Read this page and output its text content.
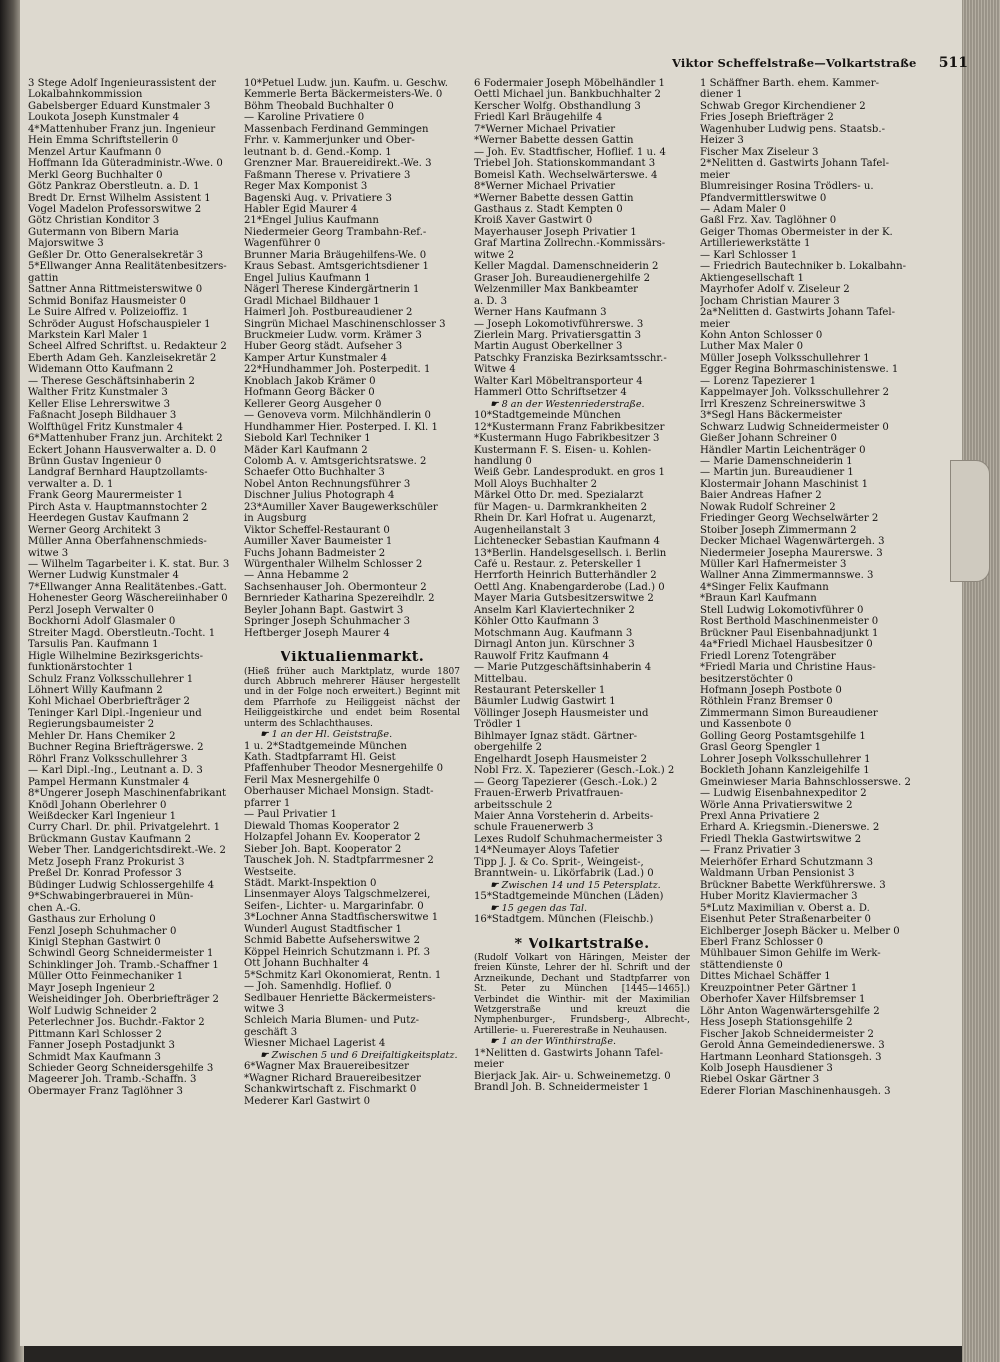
Viktor Scheffelstraße—Volkartstraße 511
3 Stege Adolf Ingenieurassistent der
Lokalbahnkommission
Gabelsberger Eduard Kunstmaler 3
Loukota Joseph Kunstmaler 4
4*Mattenhuber Franz jun. Ingenieur
Hein Emma Schriftstellerin 0
Menzel Artur Kaufmann 0
Hoffmann Ida Güteradministr.-Wwe. 0
Merkl Georg Buchhalter 0
Götz Pankraz Oberstleutn. a. D. 1
Bredt Dr. Ernst Wilhelm Assistent 1
Vogel Madelon Professorswitwe 2
Götz Christian Konditor 3
Gutermann von Bibern Maria
Majorswitwe 3
Geßler Dr. Otto Generalsekretär 3
5*Ellwanger Anna Realitätenbesitzers-
gattin
Sattner Anna Rittmeisterswitwe 0
Schmid Bonifaz Hausmeister 0
Le Suire Alfred v. Polizeioffiz. 1
Schröder August Hofschauspieler 1
Markstein Karl Maler 1
Scheel Alfred Schriftst. u. Redakteur 2
Eberth Adam Geh. Kanzleisekretär 2
Widemann Otto Kaufmann 2
— Therese Geschäftsinhaberin 2
Walther Fritz Kunstmaler 3
Keller Elise Lehrerswitwe 3
Faßnacht Joseph Bildhauer 3
Wolfthügel Fritz Kunstmaler 4
6*Mattenhuber Franz jun. Architekt 2
Eckert Johann Hausverwalter a. D. 0
Brünn Gustav Ingenieur 0
Landgraf Bernhard Hauptzollamts-
verwalter a. D. 1
Frank Georg Maurermeister 1
Pirch Asta v. Hauptmannstochter 2
Heerdegen Gustav Kaufmann 2
Werner Georg Architekt 3
Müller Anna Oberfahnenschmieds-
witwe 3
— Wilhelm Tagarbeiter i. K. stat. Bur. 3
Werner Ludwig Kunstmaler 4
7*Ellwanger Anna Realitätenbes.-Gatt.
Hohenester Georg Wäschereiinhaber 0
Perzl Joseph Verwalter 0
Bockhorni Adolf Glasmaler 0
Streiter Magd. Oberstleutn.-Tocht. 1
Tarsulis Pan. Kaufmann 1
Higle Wilhelmine Bezirksgerichts-
funktionärstochter 1
Schulz Franz Volksschullehrer 1
Löhnert Willy Kaufmann 2
Kohl Michael Oberbriefträger 2
Teninger Karl Dipl.-Ingenieur und
Regierungsbaumeister 2
Mehler Dr. Hans Chemiker 2
Buchner Regina Briefträgerswe. 2
Röhrl Franz Volksschullehrer 3
— Karl Dipl.-Ing., Leutnant a. D. 3
Pampel Hermann Kunstmaler 4
8*Ungerer Joseph Maschinenfabrikant
Knödl Johann Oberlehrer 0
Weißdecker Karl Ingenieur 1
Curry Charl. Dr. phil. Privatgelehrt. 1
Brückmann Gustav Kaufmann 2
Weber Ther. Landgerichtsdirekt.-We. 2
Metz Joseph Franz Prokurist 3
Preßel Dr. Konrad Professor 3
Büdinger Ludwig Schlossergehilfe 4
9*Schwabingerbrauerei in Mün-
chen A.-G.
Gasthaus zur Erholung 0
Fenzl Joseph Schuhmacher 0
Kinigl Stephan Gastwirt 0
Schwindl Georg Schneidermeister 1
Schinklinger Joh. Tramb.-Schaffner 1
Müller Otto Feinmechaniker 1
Mayr Joseph Ingenieur 2
Weisheidinger Joh. Oberbriefträger 2
Wolf Ludwig Schneider 2
Peterlechner Jos. Buchdr.-Faktor 2
Pittmann Karl Schlosser 2
Fanner Joseph Postadjunkt 3
Schmidt Max Kaufmann 3
Schieder Georg Schneidersgehilfe 3
Mageerer Joh. Tramb.-Schaffn. 3
Obermayer Franz Taglöhner 3
10*Petuel Ludw. jun. Kaufm. u. Geschw.
Kemmerle Berta Bäckermeisters-We. 0
Böhm Theobald Buchhalter 0
— Karoline Privatiere 0
Massenbach Ferdinand Gemmingen
Frhr. v. Kammerjunker und Ober-
leutnant b. d. Gend.-Komp. 1
Grenzner Mar. Brauereidirekt.-We. 3
Faßmann Therese v. Privatiere 3
Reger Max Komponist 3
Bagenski Aug. v. Privatiere 3
Habler Egid Maurer 4
21*Engel Julius Kaufmann
Niedermeier Georg Trambahn-Ref.-
Wagenführer 0
Brunner Maria Bräugehilfens-We. 0
Kraus Sebast. Amtsgerichtsdiener 1
Engel Julius Kaufmann 1
Nägerl Therese Kindergärtnerin 1
Gradl Michael Bildhauer 1
Haimerl Joh. Postbureaudiener 2
Singrün Michael Maschinenschlosser 3
Bruckmeier Ludw. vorm. Krämer 3
Huber Georg städt. Aufseher 3
Kamper Artur Kunstmaler 4
22*Hundhammer Joh. Posterpedit. 1
Knoblach Jakob Krämer 0
Hofmann Georg Bäcker 0
Kellerer Georg Ausgeher 0
— Genoveva vorm. Milchhändlerin 0
Hundhammer Hier. Posterped. I. Kl. 1
Siebold Karl Techniker 1
Mäder Karl Kaufmann 2
Colomb A. v. Amtsgerichtsratswe. 2
Schaefer Otto Buchhalter 3
Nobel Anton Rechnungsführer 3
Dischner Julius Photograph 4
23*Aumiller Xaver Baugewerkschüler
in Augsburg
Viktor Scheffel-Restaurant 0
Aumiller Xaver Baumeister 1
Fuchs Johann Badmeister 2
Würgenthaler Wilhelm Schlosser 2
— Anna Hebamme 2
Sachsenhauser Joh. Obermonteur 2
Bernrieder Katharina Spezereihdlr. 2
Beyler Johann Bapt. Gastwirt 3
Springer Joseph Schuhmacher 3
Heftberger Joseph Maurer 4
Viktualienmarkt.
(Hieß früher auch Marktplatz, wurde 1807 durch Abbruch mehrerer Häuser hergestellt und in der Folge noch erweitert.) Beginnt mit dem Pfarrhofe zu Heiliggeist nächst der Heiliggeistkirche und endet beim Rosental unterm des Schlachthauses.
☛ 1 an der Hl. Geiststraße.
1 u. 2*Stadtgemeinde München
Kath. Stadtpfarramt Hl. Geist
Pfaffenhuber Theodor Mesnergehilfe 0
Feril Max Mesnergehilfe 0
Oberhauser Michael Monsign. Stadt-
pfarrer 1
— Paul Privatier 1
Diewald Thomas Kooperator 2
Holzapfel Johann Ev. Kooperator 2
Sieber Joh. Bapt. Kooperator 2
Tauschek Joh. N. Stadtpfarrmesner 2
Westseite.
Städt. Markt-Inspektion 0
Linsenmayer Aloys Talgschmelzerei,
Seifen-, Lichter- u. Margarinfabr. 0
3*Lochner Anna Stadtfischerswitwe 1
Wunderl August Stadtfischer 1
Schmid Babette Aufseherswitwe 2
Köppel Heinrich Schutzmann i. Pf. 3
Ott Johann Buchhalter 4
5*Schmitz Karl Ökonomierat, Rentn. 1
— Joh. Samenhdlg. Hoflief. 0
Sedlbauer Henriette Bäckermeisters-
witwe 3
Schleich Maria Blumen- und Putz-
geschäft 3
Wiesner Michael Lagerist 4
☛ Zwischen 5 und 6 Dreifaltigkeitsplatz.
6*Wagner Max Brauereibesitzer
*Wagner Richard Brauereibesitzer
Schankwirtschaft z. Fischmarkt 0
Mederer Karl Gastwirt 0
6 Fodermaier Joseph Möbelhändler 1
Oettl Michael jun. Bankbuchhalter 2
Kerscher Wolfg. Obsthandlung 3
Friedl Karl Bräugehilfe 4
7*Werner Michael Privatier
*Werner Babette dessen Gattin
— Joh. Ev. Stadtfischer, Hoflief. 1 u. 4
Triebel Joh. Stationskommandant 3
Bomeisl Kath. Wechselwärterswe. 4
8*Werner Michael Privatier
*Werner Babette dessen Gattin
Gasthaus z. Stadt Kempten 0
Kroiß Xaver Gastwirt 0
Mayerhauser Joseph Privatier 1
Graf Martina Zollrechn.-Kommissärs-
witwe 2
Keller Magdal. Damenschneiderin 2
Graser Joh. Bureaudienergehilfe 2
Welzenmiller Max Bankbeamter
a. D. 3
Werner Hans Kaufmann 3
— Joseph Lokomotivführerswe. 3
Zierlein Marg. Privatiersgattin 3
Martin August Oberkellner 3
Patschky Franziska Bezirksamtsschr.-
Witwe 4
Walter Karl Möbeltransporteur 4
Hammerl Otto Schriftsetzer 4
☛ 8 an der Westenriederstraße.
10*Stadtgemeinde München
12*Kustermann Franz Fabrikbesitzer
*Kustermann Hugo Fabrikbesitzer 3
Kustermann F. S. Eisen- u. Kohlen-
handlung 0
Weiß Gebr. Landesprodukt. en gros 1
Moll Aloys Buchhalter 2
Märkel Otto Dr. med. Spezialarzt
für Magen- u. Darmkrankheiten 2
Rhein Dr. Karl Hofrat u. Augenarzt,
Augenheilanstalt 3
Lichtenecker Sebastian Kaufmann 4
13*Berlin. Handelsgesellsch. i. Berlin
Café u. Restaur. z. Peterskeller 1
Herrforth Heinrich Butterhändler 2
Oettl Ang. Knabengarderobe (Lad.) 0
Mayer Maria Gutsbesitzerswitwe 2
Anselm Karl Klaviertechniker 2
Köhler Otto Kaufmann 3
Motschmann Aug. Kaufmann 3
Dirnagl Anton jun. Kürschner 3
Rauwolf Fritz Kaufmann 4
— Marie Putzgeschäftsinhaberin 4
Mittelbau.
Restaurant Peterskeller 1
Bäumler Ludwig Gastwirt 1
Völlinger Joseph Hausmeister und
Trödler 1
Bihlmayer Ignaz städt. Gärtner-
obergehilfe 2
Engelhardt Joseph Hausmeister 2
Nobl Frz. X. Tapezierer (Gesch.-Lok.) 2
— Georg Tapezierer (Gesch.-Lok.) 2
Frauen-Erwerb Privatfrauen-
arbeitsschule 2
Maier Anna Vorsteherin d. Arbeits-
schule Frauenerwerb 3
Lexes Rudolf Schuhmachermeister 3
14*Neumayer Aloys Tafetier
Tipp J. J. & Co. Sprit-, Weingeist-,
Branntwein- u. Likörfabrik (Lad.) 0
☛ Zwischen 14 und 15 Petersplatz.
15*Stadtgemeinde München (Läden)
☛ 15 gegen das Tal.
16*Stadtgem. München (Fleischb.)
* Volkartstraße.
(Rudolf Volkart von Häringen, Meister der freien Künste, Lehrer der hl. Schrift und der Arzneikunde, Dechant und Stadtpfarrer von St. Peter zu München [1445—1465].) Verbindet die Winthir- mit der Maximilian Wetzgerstraße und kreuzt die Nymphenburger-, Frundsberg-, Albrecht-, Artillerie- u. Fuererestraße in Neuhausen.
☛ 1 an der Winthirstraße.
1*Nelitten d. Gastwirts Johann Tafel-
meier
Bierjack Jak. Air- u. Schweinemetzg. 0
Brandl Joh. B. Schneidermeister 1
1 Schäffner Barth. ehem. Kammer-
diener 1
Schwab Gregor Kirchendiener 2
Fries Joseph Briefträger 2
Wagenhuber Ludwig pens. Staatsb.-
Heizer 3
Fischer Max Ziseleur 3
2*Nelitten d. Gastwirts Johann Tafel-
meier
Blumreisinger Rosina Trödlers- u.
Pfandvermittlerswitwe 0
— Adam Maler 0
Gaßl Frz. Xav. Taglöhner 0
Geiger Thomas Obermeister in der K.
Artilleriewerkstätte 1
— Karl Schlosser 1
— Friedrich Bautechniker b. Lokalbahn-
Aktiengesellschaft 1
Mayrhofer Adolf v. Ziseleur 2
Jocham Christian Maurer 3
2a*Nelitten d. Gastwirts Johann Tafel-
meier
Kohn Anton Schlosser 0
Luther Max Maler 0
Müller Joseph Volksschullehrer 1
Egger Regina Bohrmaschinistenswe. 1
— Lorenz Tapezierer 1
Kappelmayer Joh. Volksschullehrer 2
Irrl Kreszenz Schreinerswitwe 3
3*Segl Hans Bäckermeister
Schwarz Ludwig Schneidermeister 0
Gießer Johann Schreiner 0
Händler Martin Leichenträger 0
— Marie Damenschneiderin 1
— Martin jun. Bureaudiener 1
Klostermair Johann Maschinist 1
Baier Andreas Hafner 2
Nowak Rudolf Schreiner 2
Friedinger Georg Wechselwärter 2
Stoiber Joseph Zimmermann 2
Decker Michael Wagenwärtergeh. 3
Niedermeier Josepha Maurerswe. 3
Müller Karl Hafnermeister 3
Wallner Anna Zimmermannswe. 3
4*Singer Felix Kaufmann
*Braun Karl Kaufmann
Stell Ludwig Lokomotivführer 0
Rost Berthold Maschinenmeister 0
Brückner Paul Eisenbahnadjunkt 1
4a*Friedl Michael Hausbesitzer 0
Friedl Lorenz Totengräber
*Friedl Maria und Christine Haus-
besitzerstöchter 0
Hofmann Joseph Postbote 0
Röthlein Franz Bremser 0
Zimmermann Simon Bureaudiener
und Kassenbote 0
Golling Georg Postamtsgehilfe 1
Grasl Georg Spengler 1
Lohrer Joseph Volksschullehrer 1
Bockleth Johann Kanzleigehilfe 1
Gmeinwieser Maria Bahnschlosserswe. 2
— Ludwig Eisenbahnexpeditor 2
Wörle Anna Privatierswitwe 2
Prexl Anna Privatiere 2
Erhard A. Kriegsmin.-Dienerswe. 2
Friedl Thekla Gastwirtswitwe 2
— Franz Privatier 3
Meierhöfer Erhard Schutzmann 3
Waldmann Urban Pensionist 3
Brückner Babette Werkführerswe. 3
Huber Moritz Klaviermacher 3
5*Lutz Maximilian v. Oberst a. D.
Eisenhut Peter Straßenarbeiter 0
Eichlberger Joseph Bäcker u. Melber 0
Eberl Franz Schlosser 0
Mühlbauer Simon Gehilfe im Werk-
stättendienste 0
Dittes Michael Schäffer 1
Kreuzpointner Peter Gärtner 1
Oberhofer Xaver Hilfsbremser 1
Löhr Anton Wagenwärtersgehilfe 2
Hess Joseph Stationsgehilfe 2
Fischer Jakob Schneidermeister 2
Gerold Anna Gemeindedienerswe. 3
Hartmann Leonhard Stationsgeh. 3
Kolb Joseph Hausdiener 3
Riebel Oskar Gärtner 3
Ederer Florian Maschinenhausgeh. 3
